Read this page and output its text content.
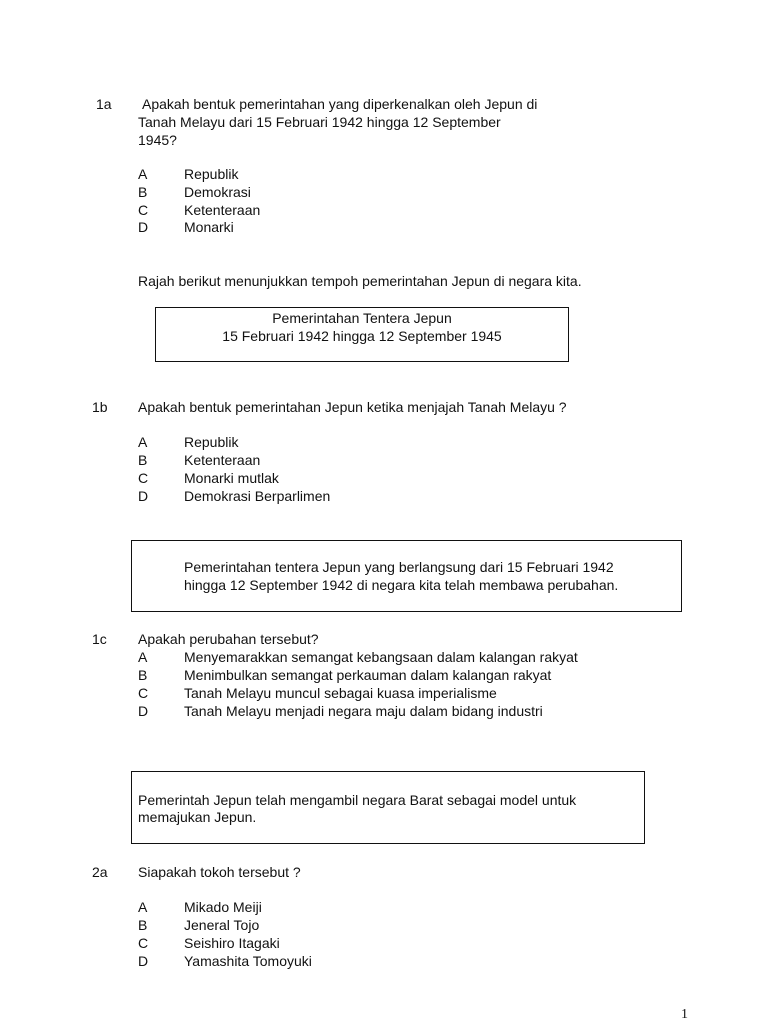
1a Apakah bentuk pemerintahan yang diperkenalkan oleh Jepun di
Tanah Melayu dari 15 Februari 1942 hingga 12 September
1945?
A	Republik
B	Demokrasi
C	Ketenteraan
D	Monarki
Rajah berikut menunjukkan tempoh pemerintahan Jepun di negara kita.
Pemerintahan Tentera Jepun
15 Februari 1942 hingga 12 September 1945
1b Apakah bentuk pemerintahan Jepun ketika menjajah Tanah Melayu ?
A	Republik
B	Ketenteraan
C	Monarki mutlak
D	Demokrasi Berparlimen
Pemerintahan tentera Jepun yang berlangsung dari 15 Februari 1942
hingga 12 September 1942 di negara kita telah membawa perubahan.
1c Apakah perubahan tersebut?
A	Menyemarakkan semangat kebangsaan dalam kalangan rakyat
B	Menimbulkan semangat perkauman dalam kalangan rakyat
C	Tanah Melayu muncul sebagai kuasa imperialisme
D	Tanah Melayu menjadi negara maju dalam bidang industri
Pemerintah Jepun telah mengambil negara Barat sebagai model untuk
memajukan Jepun.
2a Siapakah tokoh tersebut ?
A	Mikado Meiji
B	Jeneral Tojo
C	Seishiro Itagaki
D	Yamashita Tomoyuki
1
